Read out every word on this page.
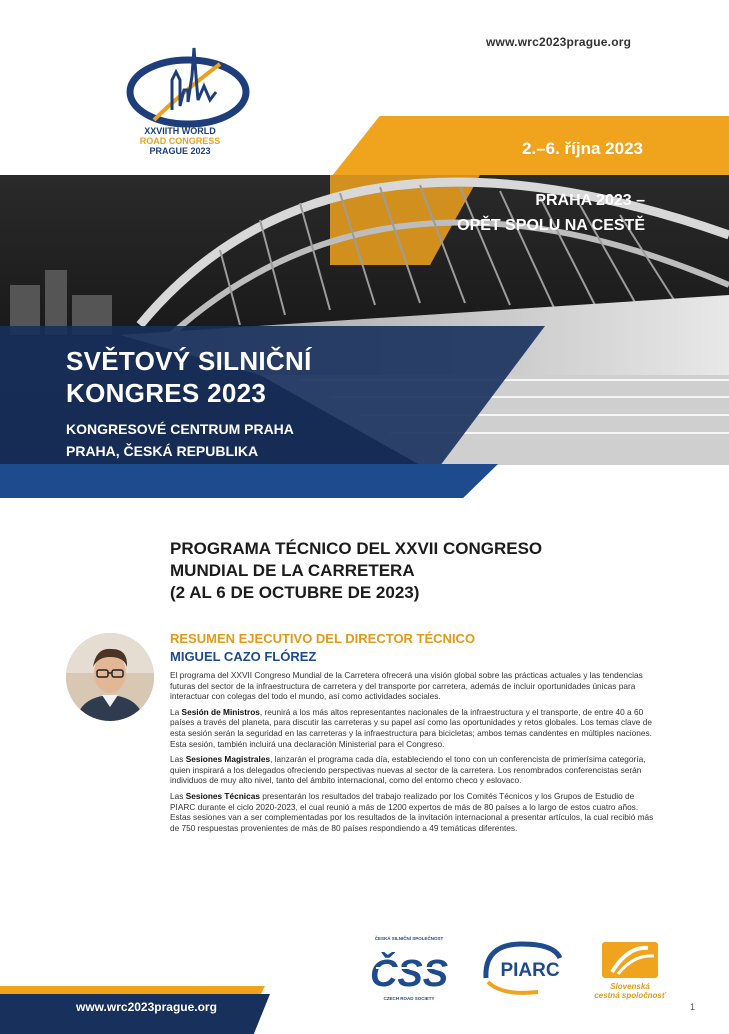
www.wrc2023prague.org
XXVIITH WORLD
ROAD CONGRESS
PRAGUE 2023	2.–6. října 2023
PRAHA 2023 –
OPĚT SPOLU NA CESTĚ
SVĚTOVÝ SILNIČNÍ
KONGRES 2023
KONGRESOVÉ CENTRUM PRAHA
PRAHA, ČESKÁ REPUBLIKA
PROGRAMA TÉCNICO DEL XXVII CONGRESO
MUNDIAL DE LA CARRETERA
(2 AL 6 DE OCTUBRE DE 2023)
RESUMEN EJECUTIVO DEL DIRECTOR TÉCNICO
MIGUEL CAZO FLÓREZ

El programa del XXVII Congreso Mundial de la Carretera ofrecerá una visión global sobre las prácticas actuales y las tendencias futuras del sector de la infraestructura de carretera y del transporte por carretera, además de incluir oportunidades únicas para interactuar con colegas del todo el mundo, así como actividades sociales.

La Sesión de Ministros, reunirá a los más altos representantes nacionales de la infraestructura y el transporte, de entre 40 a 60 países a través del planeta, para discutir las carreteras y su papel así como las oportunidades y retos globales. Los temas clave de esta sesión serán la seguridad en las carreteras y la infraestructura para bicicletas; ambos temas candentes en múltiples naciones. Esta sesión, también incluirá una declaración Ministerial para el Congreso.

Las Sesiones Magistrales, lanzarán el programa cada día, estableciendo el tono con un conferencista de primerísima categoría, quien inspirará a los delegados ofreciendo perspectivas nuevas al sector de la carretera. Los renombrados conferencistas serán individuos de muy alto nivel, tanto del ámbito internacional, como del entorno checo y eslovaco.

Las Sesiones Técnicas presentarán los resultados del trabajo realizado por los Comités Técnicos y los Grupos de Estudio de PIARC durante el ciclo 2020-2023, el cual reunió a más de 1200 expertos de más de 80 países a lo largo de estos cuatro años. Estas sesiones van a ser complementadas por los resultados de la invitación internacional a presentar artículos, la cual recibió más de 750 respuestas provenientes de más de 80 países respondiendo a 49 temáticas diferentes.

ČESKÁ SILNIČNÍ SPOLEČNOST
ČSS
CZECH ROAD SOCIETY
PIARC
Slovenská
cestná spoločnosť
www.wrc2023prague.org	1
